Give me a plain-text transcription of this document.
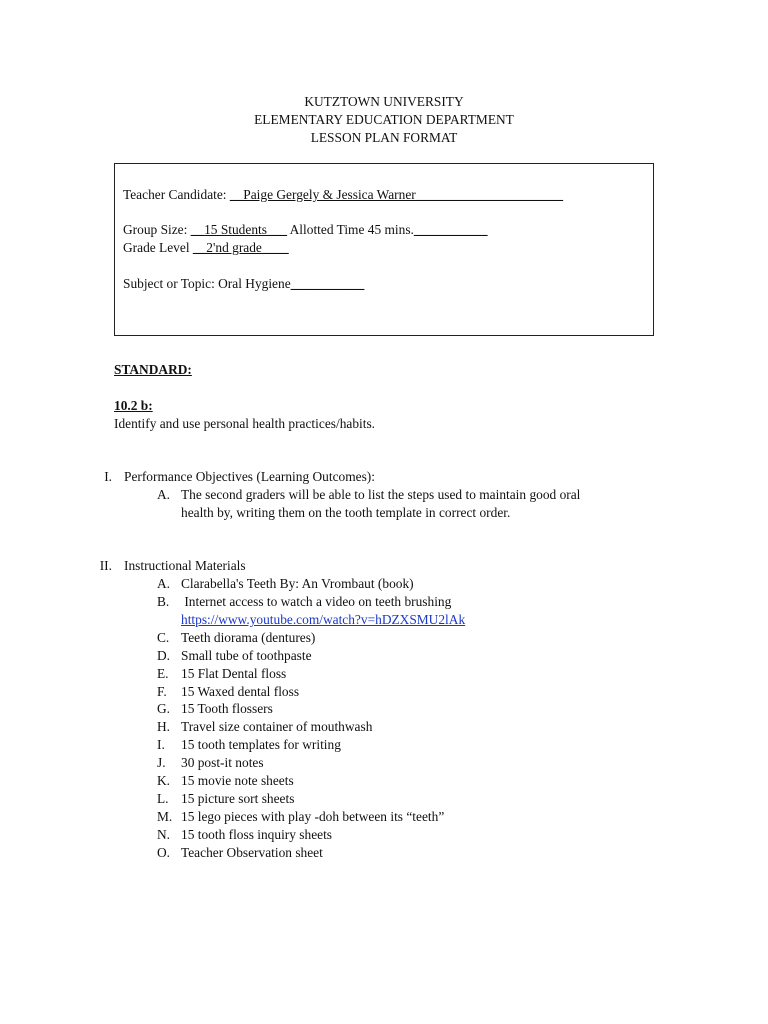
KUTZTOWN UNIVERSITY
ELEMENTARY EDUCATION DEPARTMENT
LESSON PLAN FORMAT
Teacher Candidate: __Paige Gergely & Jessica Warner______________________
Group Size: __15 Students___ Allotted Time 45 mins.___________
Grade Level __2'nd grade____
Subject or Topic: Oral Hygiene___________
STANDARD:
10.2 b:
Identify and use personal health practices/habits.
I. Performance Objectives (Learning Outcomes):
A. The second graders will be able to list the steps used to maintain good oral
health by, writing them on the tooth template in correct order.
II. Instructional Materials
A. Clarabella's Teeth By: An Vrombaut (book)
B. Internet access to watch a video on teeth brushing
https://www.youtube.com/watch?v=hDZXSMU2lAk
C. Teeth diorama (dentures)
D. Small tube of toothpaste
E. 15 Flat Dental floss
F.	15 Waxed dental floss
G. 15 Tooth flossers
H. Travel size container of mouthwash
I.	15 tooth templates for writing
J.	30 post-it notes
K. 15 movie note sheets
L. 15 picture sort sheets
M. 15 lego pieces with play -doh between its “teeth”
N. 15 tooth floss inquiry sheets
O. Teacher Observation sheet
